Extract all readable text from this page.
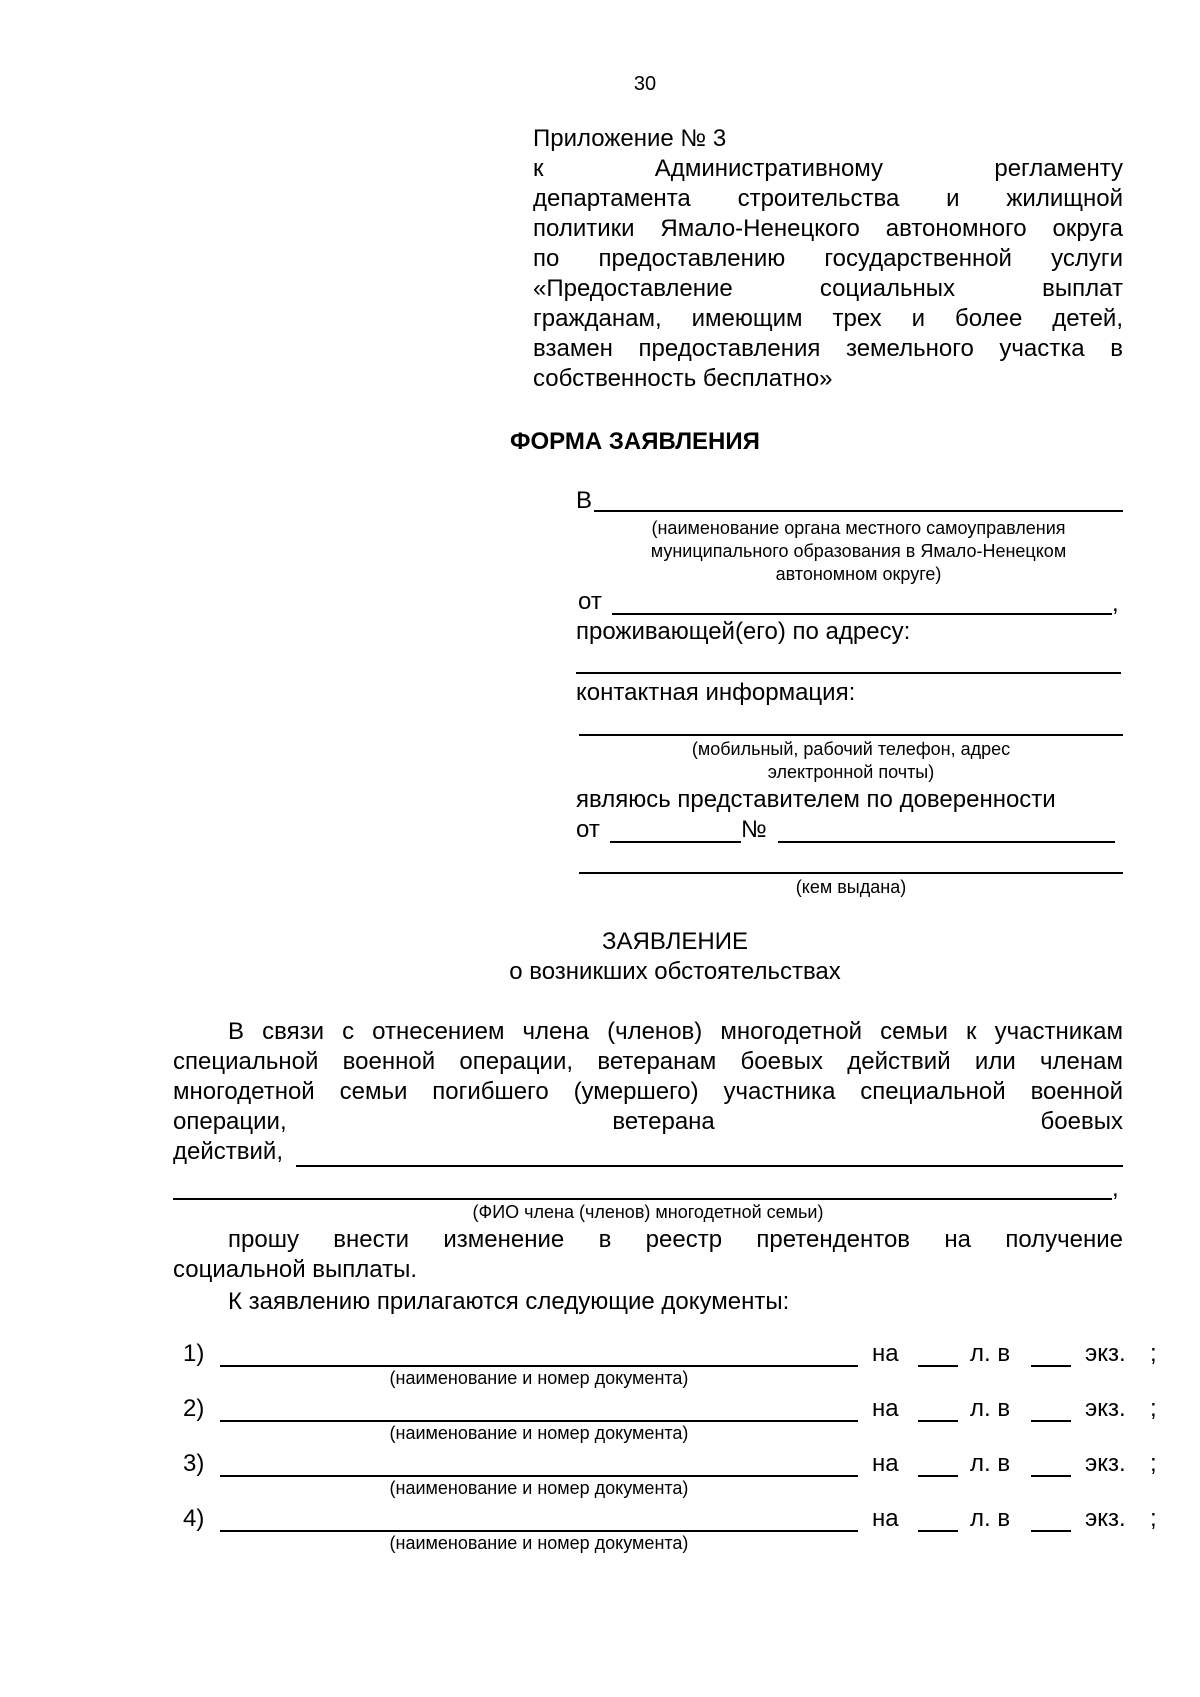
30
Приложение № 3
к Административному регламенту
департамента строительства и жилищной
политики Ямало-Ненецкого автономного округа
по предоставлению государственной услуги
«Предоставление социальных выплат
гражданам, имеющим трех и более детей,
взамен предоставления земельного участка в
собственность бесплатно»
ФОРМА ЗАЯВЛЕНИЯ
В
(наименование органа местного самоуправления
муниципального образования в Ямало-Ненецком
автономном округе)
от	,
проживающей(его) по адресу:
контактная информация:
(мобильный, рабочий телефон, адрес
электронной почты)
являюсь представителем по доверенности
от	№
(кем выдана)
ЗАЯВЛЕНИЕ
о возникших обстоятельствах
В связи с отнесением члена (членов) многодетной семьи к участникам
специальной военной операции, ветеранам боевых действий или членам
многодетной семьи погибшего (умершего) участника специальной военной
операции, ветерана боевых
действий,
,
(ФИО члена (членов) многодетной семьи)
прошу внести изменение в реестр претендентов на получение
социальной выплаты.
К заявлению прилагаются следующие документы:
1)	на	л. в	экз. ;
(наименование и номер документа)
2)	на	л. в	экз. ;
(наименование и номер документа)
3)	на	л. в	экз. ;
(наименование и номер документа)
4)	на	л. в	экз. ;
(наименование и номер документа)
